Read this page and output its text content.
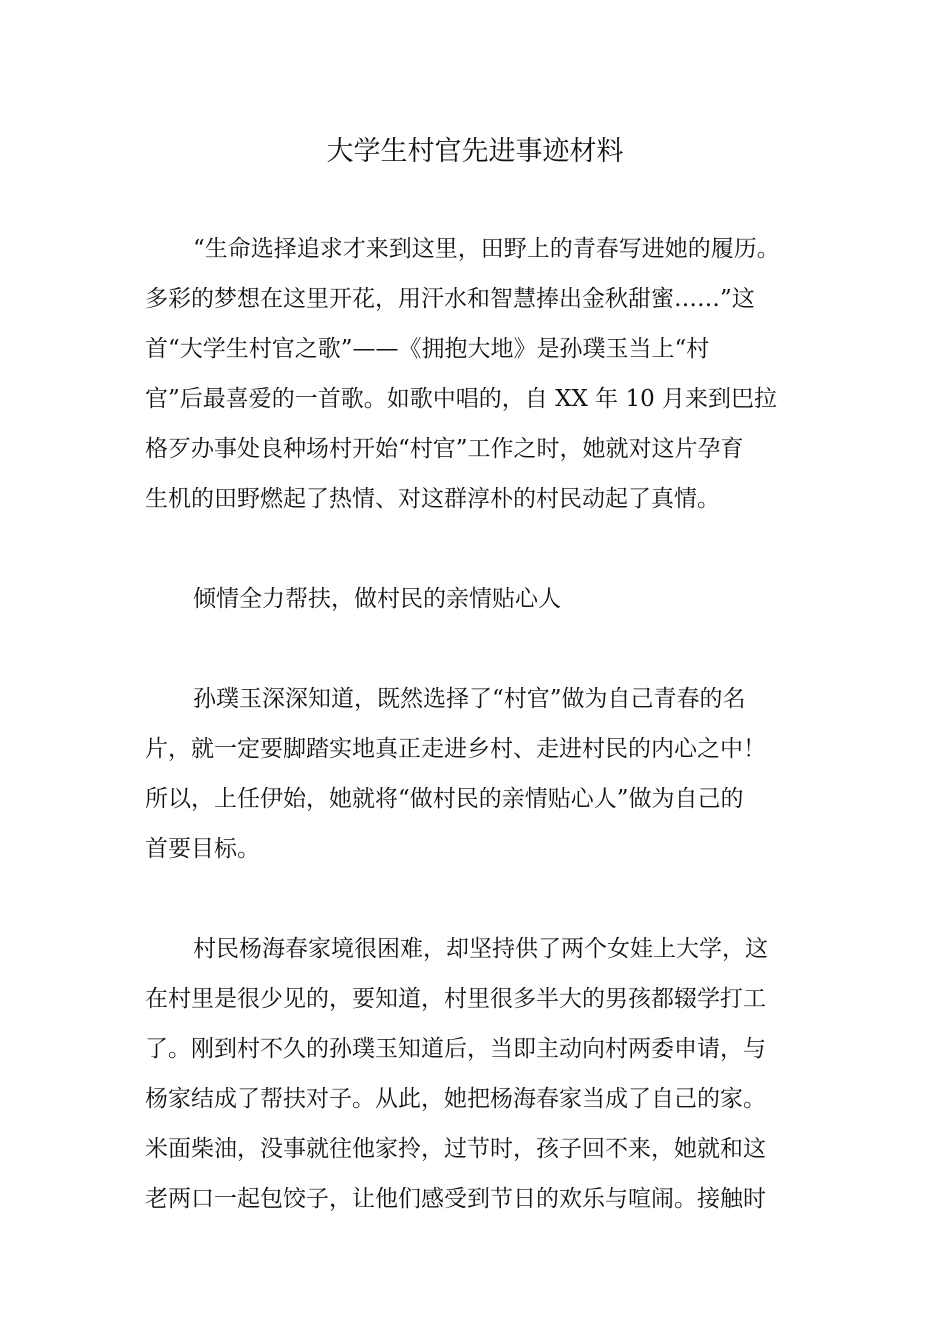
大学生村官先进事迹材料
“生命选择追求才来到这里，田野上的青春写进她的履历。
多彩的梦想在这里开花，用汗水和智慧捧出金秋甜蜜……”这
首“大学生村官之歌”——《拥抱大地》是孙璞玉当上“村
官”后最喜爱的一首歌。如歌中唱的，自 XX 年 10 月来到巴拉
格歹办事处良种场村开始“村官”工作之时，她就对这片孕育
生机的田野燃起了热情、对这群淳朴的村民动起了真情。
倾情全力帮扶，做村民的亲情贴心人
孙璞玉深深知道，既然选择了“村官”做为自己青春的名
片，就一定要脚踏实地真正走进乡村、走进村民的内心之中！
所以，上任伊始，她就将“做村民的亲情贴心人”做为自己的
首要目标。
村民杨海春家境很困难，却坚持供了两个女娃上大学，这
在村里是很少见的，要知道，村里很多半大的男孩都辍学打工
了。刚到村不久的孙璞玉知道后，当即主动向村两委申请，与
杨家结成了帮扶对子。从此，她把杨海春家当成了自己的家。
米面柴油，没事就往他家拎，过节时，孩子回不来，她就和这
老两口一起包饺子，让他们感受到节日的欢乐与喧闹。接触时
